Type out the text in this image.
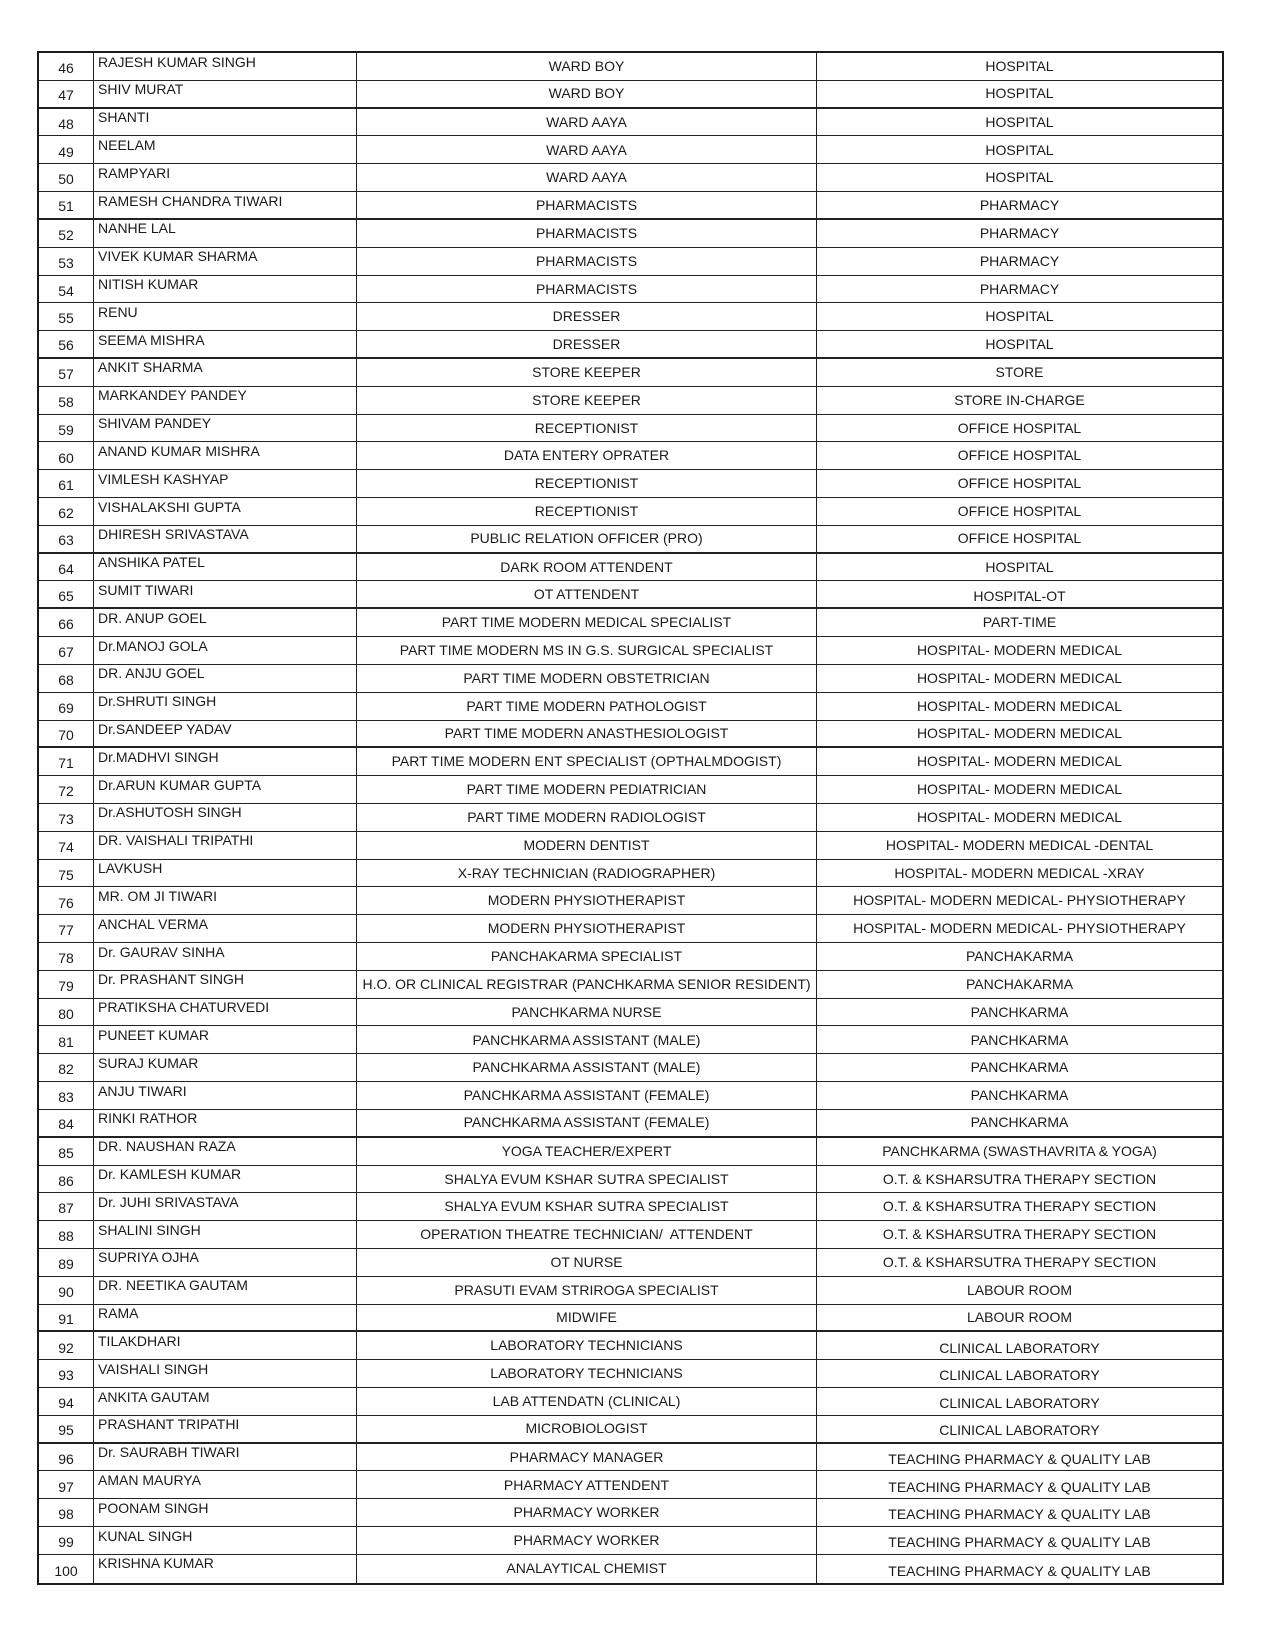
46	RAJESH KUMAR SINGH	WARD BOY	HOSPITAL
47	SHIV MURAT	WARD BOY	HOSPITAL
48	SHANTI	WARD AAYA	HOSPITAL
49	NEELAM	WARD AAYA	HOSPITAL
50	RAMPYARI	WARD AAYA	HOSPITAL
51	RAMESH CHANDRA TIWARI	PHARMACISTS	PHARMACY
52	NANHE LAL	PHARMACISTS	PHARMACY
53	VIVEK KUMAR SHARMA	PHARMACISTS	PHARMACY
54	NITISH KUMAR	PHARMACISTS	PHARMACY
55	RENU	DRESSER	HOSPITAL
56	SEEMA MISHRA	DRESSER	HOSPITAL
57	ANKIT SHARMA	STORE KEEPER	STORE
58	MARKANDEY PANDEY	STORE KEEPER	STORE IN-CHARGE
59	SHIVAM PANDEY	RECEPTIONIST	OFFICE HOSPITAL
60	ANAND KUMAR MISHRA	DATA ENTERY OPRATER	OFFICE HOSPITAL
61	VIMLESH KASHYAP	RECEPTIONIST	OFFICE HOSPITAL
62	VISHALAKSHI GUPTA	RECEPTIONIST	OFFICE HOSPITAL
63	DHIRESH SRIVASTAVA	PUBLIC RELATION OFFICER (PRO)	OFFICE HOSPITAL
64	ANSHIKA PATEL	DARK ROOM ATTENDENT	HOSPITAL
65	SUMIT TIWARI	OT ATTENDENT	HOSPITAL-OT
66	DR. ANUP GOEL	PART TIME MODERN MEDICAL SPECIALIST	PART-TIME
67	Dr.MANOJ GOLA	PART TIME MODERN MS IN G.S. SURGICAL SPECIALIST	HOSPITAL- MODERN MEDICAL
68	DR. ANJU GOEL	PART TIME MODERN OBSTETRICIAN	HOSPITAL- MODERN MEDICAL
69	Dr.SHRUTI SINGH	PART TIME MODERN PATHOLOGIST	HOSPITAL- MODERN MEDICAL
70	Dr.SANDEEP YADAV	PART TIME MODERN ANASTHESIOLOGIST	HOSPITAL- MODERN MEDICAL
71	Dr.MADHVI SINGH	PART TIME MODERN ENT SPECIALIST (OPTHALMDOGIST)	HOSPITAL- MODERN MEDICAL
72	Dr.ARUN KUMAR GUPTA	PART TIME MODERN PEDIATRICIAN	HOSPITAL- MODERN MEDICAL
73	Dr.ASHUTOSH SINGH	PART TIME MODERN RADIOLOGIST	HOSPITAL- MODERN MEDICAL
74	DR. VAISHALI TRIPATHI	MODERN DENTIST	HOSPITAL- MODERN MEDICAL -DENTAL
75	LAVKUSH	X-RAY TECHNICIAN (RADIOGRAPHER)	HOSPITAL- MODERN MEDICAL -XRAY
76	MR. OM JI TIWARI	MODERN PHYSIOTHERAPIST	HOSPITAL- MODERN MEDICAL- PHYSIOTHERAPY
77	ANCHAL VERMA	MODERN PHYSIOTHERAPIST	HOSPITAL- MODERN MEDICAL- PHYSIOTHERAPY
78	Dr. GAURAV SINHA	PANCHAKARMA SPECIALIST	PANCHAKARMA
79	Dr. PRASHANT SINGH	H.O. OR CLINICAL REGISTRAR (PANCHKARMA SENIOR RESIDENT)	PANCHAKARMA
80	PRATIKSHA CHATURVEDI	PANCHKARMA NURSE	PANCHKARMA
81	PUNEET KUMAR	PANCHKARMA ASSISTANT (MALE)	PANCHKARMA
82	SURAJ KUMAR	PANCHKARMA ASSISTANT (MALE)	PANCHKARMA
83	ANJU TIWARI	PANCHKARMA ASSISTANT (FEMALE)	PANCHKARMA
84	RINKI RATHOR	PANCHKARMA ASSISTANT (FEMALE)	PANCHKARMA
85	DR. NAUSHAN RAZA	YOGA TEACHER/EXPERT	PANCHKARMA (SWASTHAVRITA & YOGA)
86	Dr. KAMLESH KUMAR	SHALYA EVUM KSHAR SUTRA SPECIALIST	O.T. & KSHARSUTRA THERAPY SECTION
87	Dr. JUHI SRIVASTAVA	SHALYA EVUM KSHAR SUTRA SPECIALIST	O.T. & KSHARSUTRA THERAPY SECTION
88	SHALINI SINGH	OPERATION THEATRE TECHNICIAN/  ATTENDENT	O.T. & KSHARSUTRA THERAPY SECTION
89	SUPRIYA OJHA	OT NURSE	O.T. & KSHARSUTRA THERAPY SECTION
90	DR. NEETIKA GAUTAM	PRASUTI EVAM STRIROGA SPECIALIST	LABOUR ROOM
91	RAMA	MIDWIFE	LABOUR ROOM
92	TILAKDHARI	LABORATORY TECHNICIANS	CLINICAL LABORATORY
93	VAISHALI SINGH	LABORATORY TECHNICIANS	CLINICAL LABORATORY
94	ANKITA GAUTAM	LAB ATTENDATN (CLINICAL)	CLINICAL LABORATORY
95	PRASHANT TRIPATHI	MICROBIOLOGIST	CLINICAL LABORATORY
96	Dr. SAURABH TIWARI	PHARMACY MANAGER	TEACHING PHARMACY & QUALITY LAB
97	AMAN MAURYA	PHARMACY ATTENDENT	TEACHING PHARMACY & QUALITY LAB
98	POONAM SINGH	PHARMACY WORKER	TEACHING PHARMACY & QUALITY LAB
99	KUNAL SINGH	PHARMACY WORKER	TEACHING PHARMACY & QUALITY LAB
100	KRISHNA KUMAR	ANALAYTICAL CHEMIST	TEACHING PHARMACY & QUALITY LAB
